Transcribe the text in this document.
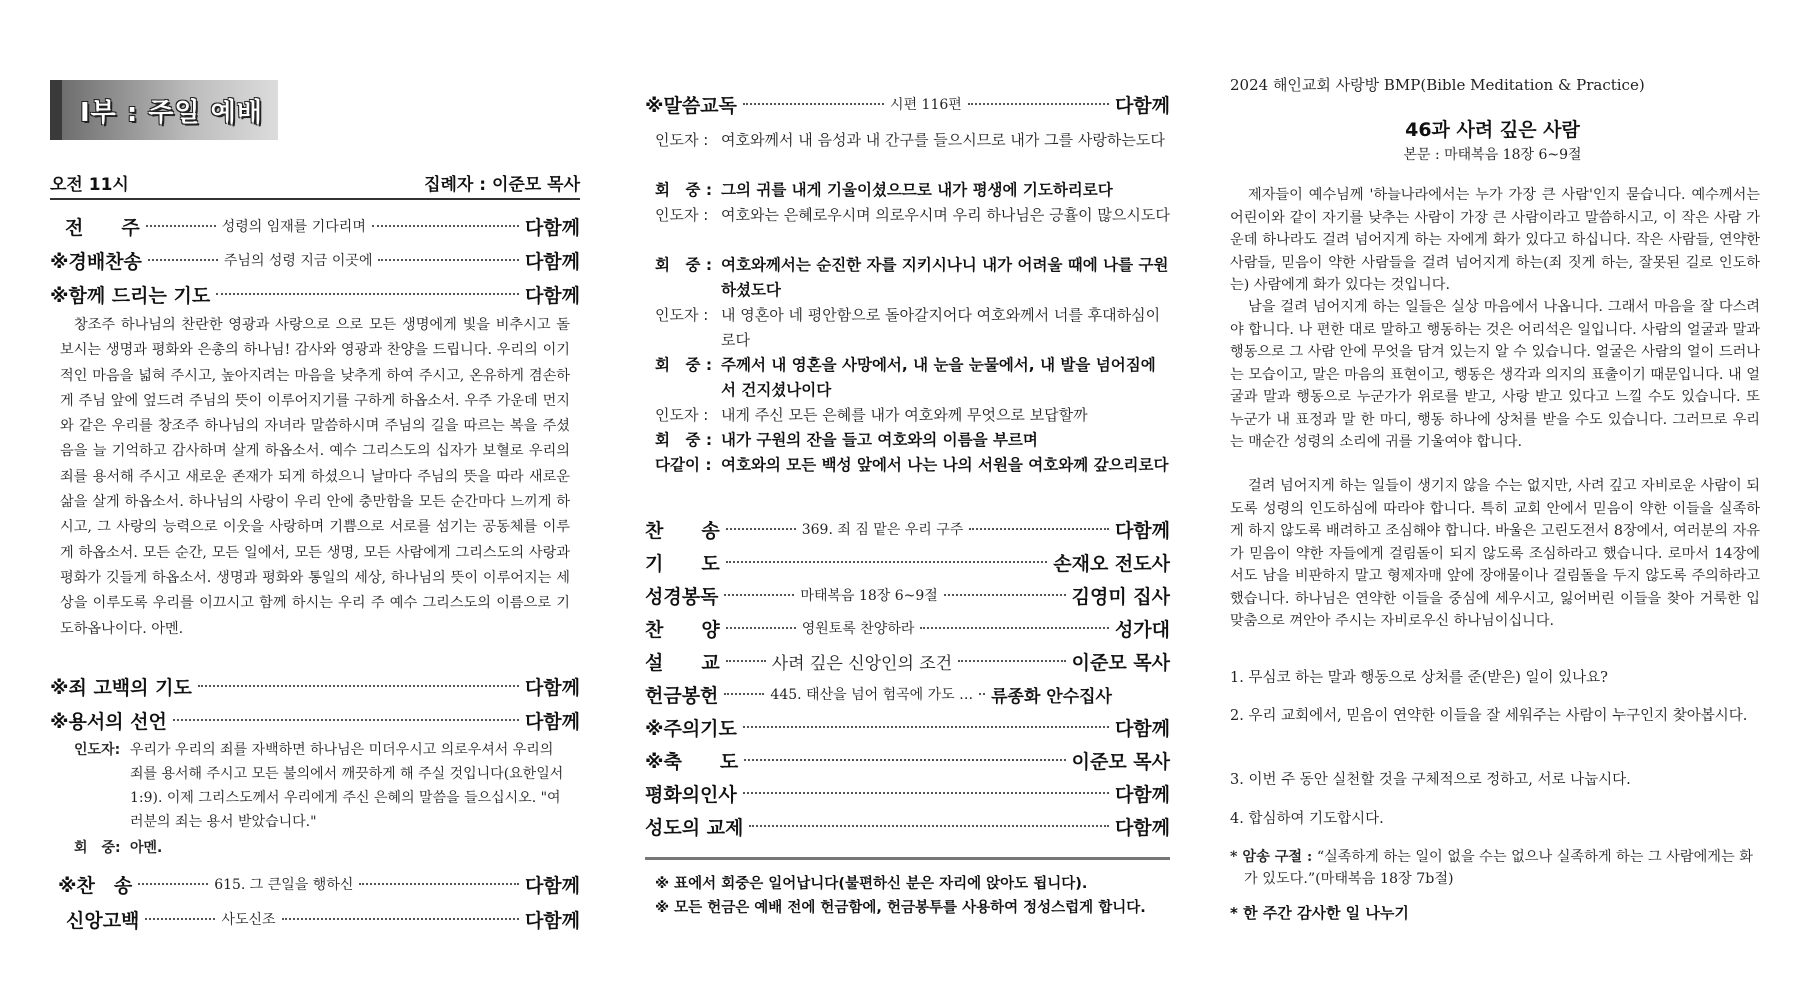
I부 : 주일 예배
오전 11시	집례자 : 이준모 목사
전　　주	성령의 임재를 기다리며	다함께
※경배찬송	주님의 성령 지금 이곳에	다함께
※함께 드리는 기도	다함께
창조주 하나님의 찬란한 영광과 사랑으로 으로 모든 생명에게 빛을 비추시고 돌보시는 생명과 평화와 은총의 하나님! 감사와 영광과 찬양을 드립니다. 우리의 이기적인 마음을 넓혀 주시고, 높아지려는 마음을 낮추게 하여 주시고, 온유하게 겸손하게 주님 앞에 엎드려 주님의 뜻이 이루어지기를 구하게 하옵소서. 우주 가운데 먼지와 같은 우리를 창조주 하나님의 자녀라 말씀하시며 주님의 길을 따르는 복을 주셨음을 늘 기억하고 감사하며 살게 하옵소서. 예수 그리스도의 십자가 보혈로 우리의 죄를 용서해 주시고 새로운 존재가 되게 하셨으니 날마다 주님의 뜻을 따라 새로운 삶을 살게 하옵소서. 하나님의 사랑이 우리 안에 충만함을 모든 순간마다 느끼게 하시고, 그 사랑의 능력으로 이웃을 사랑하며 기쁨으로 서로를 섬기는 공동체를 이루게 하옵소서. 모든 순간, 모든 일에서, 모든 생명, 모든 사람에게 그리스도의 사랑과 평화가 깃들게 하옵소서. 생명과 평화와 통일의 세상, 하나님의 뜻이 이루어지는 세상을 이루도록 우리를 이끄시고 함께 하시는 우리 주 예수 그리스도의 이름으로 기도하옵나이다. 아멘.
※죄 고백의 기도	다함께
※용서의 선언	다함께
인도자: 우리가 우리의 죄를 자백하면 하나님은 미더우시고 의로우셔서 우리의 죄를 용서해 주시고 모든 불의에서 깨끗하게 해 주실 것입니다(요한일서 1:9). 이제 그리스도께서 우리에게 주신 은혜의 말씀을 들으십시오. "여러분의 죄는 용서 받았습니다."
회　중: 아멘.
※찬　송	615. 그 큰일을 행하신	다함께
신앙고백	사도신조	다함께
※말씀교독	시편 116편	다함께
인도자 : 여호와께서 내 음성과 내 간구를 들으시므로 내가 그를 사랑하는도다
회　중 : 그의 귀를 내게 기울이셨으므로 내가 평생에 기도하리로다
인도자 : 여호와는 은혜로우시며 의로우시며 우리 하나님은 긍휼이 많으시도다
회　중 : 여호와께서는 순진한 자를 지키시나니 내가 어려울 때에 나를 구원하셨도다
인도자 : 내 영혼아 네 평안함으로 돌아갈지어다 여호와께서 너를 후대하심이로다
회　중 : 주께서 내 영혼을 사망에서, 내 눈을 눈물에서, 내 발을 넘어짐에서 건지셨나이다
인도자 : 내게 주신 모든 은혜를 내가 여호와께 무엇으로 보답할까
회　중 : 내가 구원의 잔을 들고 여호와의 이름을 부르며
다같이 : 여호와의 모든 백성 앞에서 나는 나의 서원을 여호와께 갚으리로다
찬　　송	369. 죄 짐 맡은 우리 구주	다함께
기　　도	손재오 전도사
성경봉독	마태복음 18장 6~9절	김영미 집사
찬　　양	영원토록 찬양하라	성가대
설　　교	사려 깊은 신앙인의 조건	이준모 목사
헌금봉헌	445. 태산을 넘어 험곡에 가도 … 류종화 안수집사
※주의기도	다함께
※축　　도	이준모 목사
평화의인사	다함께
성도의 교제	다함께
※ 표에서 회중은 일어납니다(불편하신 분은 자리에 앉아도 됩니다).
※ 모든 헌금은 예배 전에 헌금함에, 헌금봉투를 사용하여 정성스럽게 합니다.
2024 해인교회 사랑방 BMP(Bible Meditation & Practice)
46과 사려 깊은 사람
본문 : 마태복음 18장 6~9절
제자들이 예수님께 '하늘나라에서는 누가 가장 큰 사람'인지 묻습니다. 예수께서는 어린이와 같이 자기를 낮추는 사람이 가장 큰 사람이라고 말씀하시고, 이 작은 사람 가운데 하나라도 걸려 넘어지게 하는 자에게 화가 있다고 하십니다. 작은 사람들, 연약한 사람들, 믿음이 약한 사람들을 걸려 넘어지게 하는(죄 짓게 하는, 잘못된 길로 인도하는) 사람에게 화가 있다는 것입니다.
남을 걸려 넘어지게 하는 일들은 실상 마음에서 나옵니다. 그래서 마음을 잘 다스려야 합니다. 나 편한 대로 말하고 행동하는 것은 어리석은 일입니다. 사람의 얼굴과 말과 행동으로 그 사람 안에 무엇을 담겨 있는지 알 수 있습니다. 얼굴은 사람의 얼이 드러나는 모습이고, 말은 마음의 표현이고, 행동은 생각과 의지의 표출이기 때문입니다. 내 얼굴과 말과 행동으로 누군가가 위로를 받고, 사랑 받고 있다고 느낄 수도 있습니다. 또 누군가 내 표정과 말 한 마디, 행동 하나에 상처를 받을 수도 있습니다. 그러므로 우리는 매순간 성령의 소리에 귀를 기울여야 합니다.
걸려 넘어지게 하는 일들이 생기지 않을 수는 없지만, 사려 깊고 자비로운 사람이 되도록 성령의 인도하심에 따라야 합니다. 특히 교회 안에서 믿음이 약한 이들을 실족하게 하지 않도록 배려하고 조심해야 합니다. 바울은 고린도전서 8장에서, 여러분의 자유가 믿음이 약한 자들에게 걸림돌이 되지 않도록 조심하라고 했습니다. 로마서 14장에서도 남을 비판하지 말고 형제자매 앞에 장애물이나 걸림돌을 두지 않도록 주의하라고 했습니다. 하나님은 연약한 이들을 중심에 세우시고, 잃어버린 이들을 찾아 거룩한 입맞춤으로 껴안아 주시는 자비로우신 하나님이십니다.
1. 무심코 하는 말과 행동으로 상처를 준(받은) 일이 있나요?
2. 우리 교회에서, 믿음이 연약한 이들을 잘 세워주는 사람이 누구인지 찾아봅시다.
3. 이번 주 동안 실천할 것을 구체적으로 정하고, 서로 나눕시다.
4. 합심하여 기도합시다.
* 암송 구절 : “실족하게 하는 일이 없을 수는 없으나 실족하게 하는 그 사람에게는 화가 있도다.”(마태복음 18장 7b절)
* 한 주간 감사한 일 나누기
